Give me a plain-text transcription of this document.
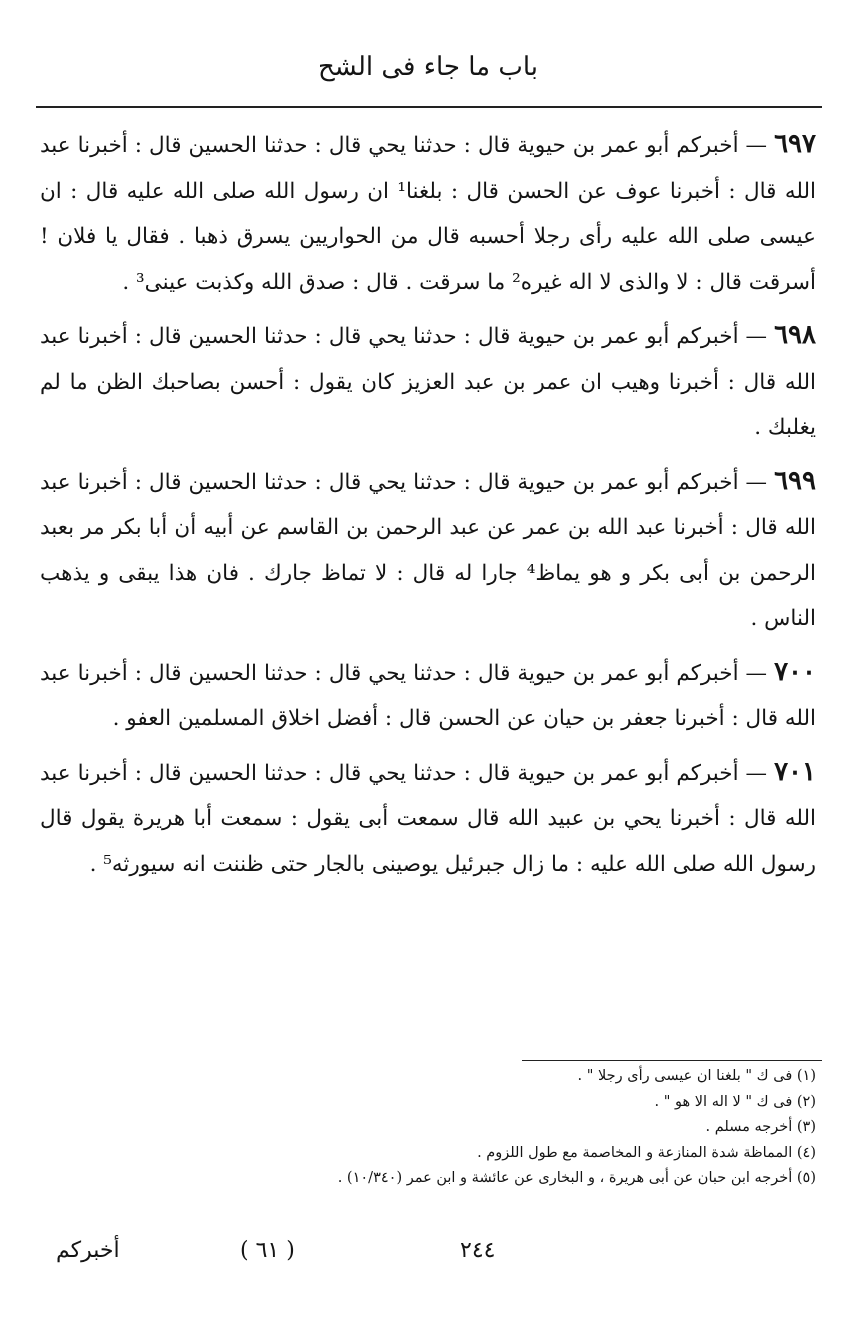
باب ما جاء فى الشح

٦٩٧ — أخبركم أبو عمر بن حيوية قال : حدثنا يحي قال : حدثنا الحسين قال : أخبرنا عبد الله قال : أخبرنا عوف عن الحسن قال : بلغنا¹ ان رسول الله صلى الله عليه قال : ان عيسى صلى الله عليه رأى رجلا أحسبه قال من الحواريين يسرق ذهبا . فقال يا فلان ! أسرقت قال : لا والذى لا اله غيره² ما سرقت . قال : صدق الله وكذبت عينى³ .

٦٩٨ — أخبركم أبو عمر بن حيوية قال : حدثنا يحي قال : حدثنا الحسين قال : أخبرنا عبد الله قال : أخبرنا وهيب ان عمر بن عبد العزيز كان يقول : أحسن بصاحبك الظن ما لم يغلبك .

٦٩٩ — أخبركم أبو عمر بن حيوية قال : حدثنا يحي قال : حدثنا الحسين قال : أخبرنا عبد الله قال : أخبرنا عبد الله بن عمر عن عبد الرحمن بن القاسم عن أبيه أن أبا بكر مر بعبد الرحمن بن أبى بكر و هو يماظ⁴ جارا له قال : لا تماظ جارك . فان هذا يبقى و يذهب الناس .

٧٠٠ — أخبركم أبو عمر بن حيوية قال : حدثنا يحي قال : حدثنا الحسين قال : أخبرنا عبد الله قال : أخبرنا جعفر بن حيان عن الحسن قال : أفضل اخلاق المسلمين العفو .

٧٠١ — أخبركم أبو عمر بن حيوية قال : حدثنا يحي قال : حدثنا الحسين قال : أخبرنا عبد الله قال : أخبرنا يحي بن عبيد الله قال سمعت أبى يقول : سمعت أبا هريرة يقول قال رسول الله صلى الله عليه : ما زال جبرئيل يوصينى بالجار حتى ظننت انه سيورثه⁵ .

(١) فى ك " بلغنا ان عيسى رأى رجلا " .

(٢) فى ك " لا اله الا هو " .

(٣) أخرجه مسلم .

(٤) المماظة شدة المنازعة و المخاصمة مع طول اللزوم .

(٥) أخرجه ابن حبان عن أبى هريرة ، و البخارى عن عائشة و ابن عمر (١٠/٣٤٠) .

أخبركم	( ٦١ )	٢٤٤
